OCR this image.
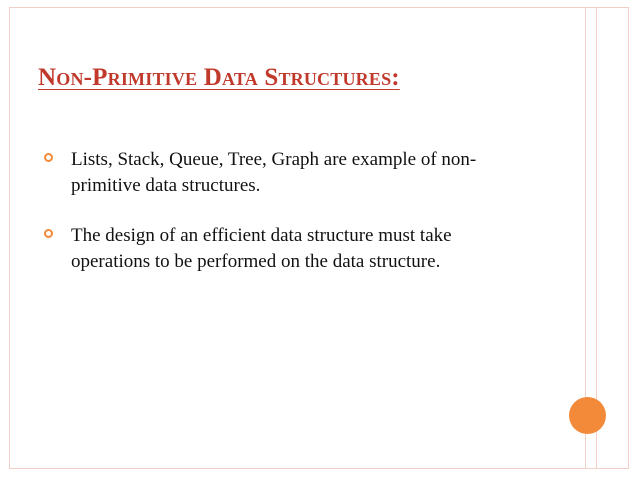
Non-Primitive Data Structures:
Lists, Stack, Queue, Tree, Graph are example of non-primitive data structures.
The design of an efficient data structure must take operations to be performed on the data structure.
